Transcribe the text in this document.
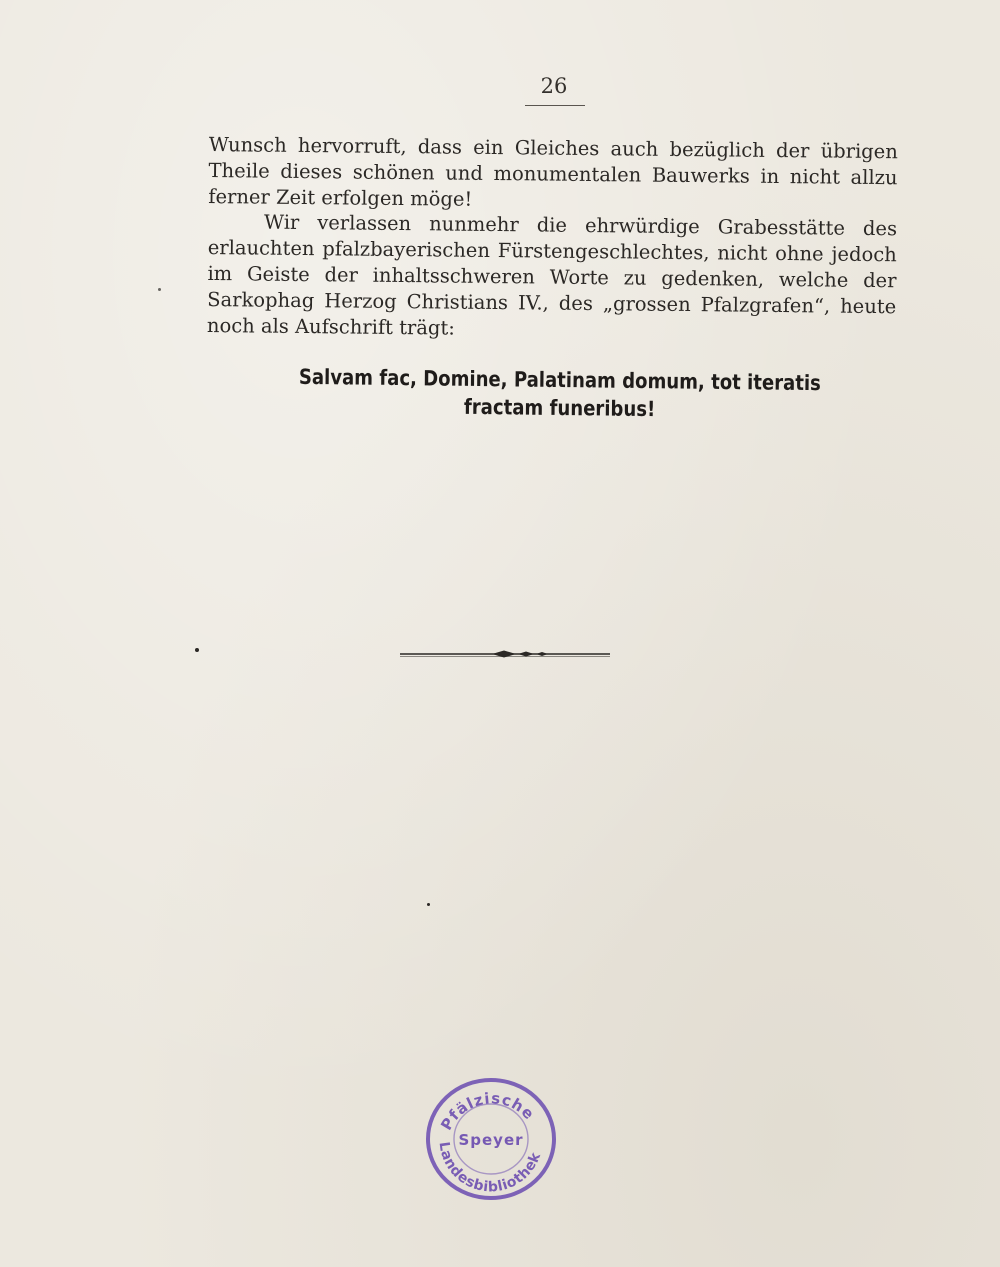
26

Wunsch hervorruft, dass ein Gleiches auch bezüglich der übrigen Theile dieses schönen und monumentalen Bauwerks in nicht allzu ferner Zeit erfolgen möge!

Wir verlassen nunmehr die ehrwürdige Grabesstätte des erlauchten pfalzbayerischen Fürstengeschlechtes, nicht ohne jedoch im Geiste der inhaltsschweren Worte zu gedenken, welche der Sarkophag Herzog Christians IV., des „grossen Pfalzgrafen“, heute noch als Aufschrift trägt:

Salvam fac, Domine, Palatinam domum, tot iteratis
fractam funeribus!
Pfälzische
Speyer
Landesbibliothek
